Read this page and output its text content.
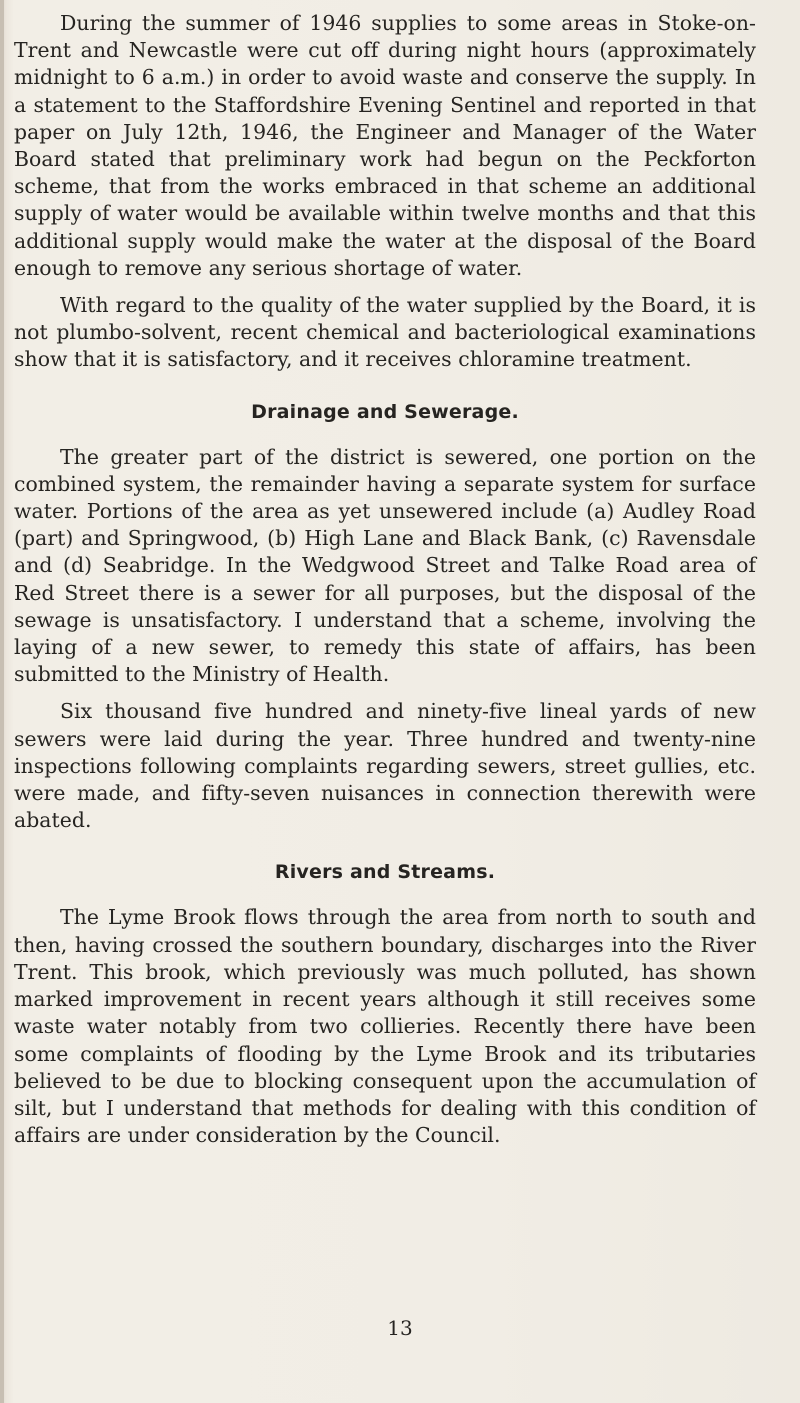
During the summer of 1946 supplies to some areas in Stoke-on-Trent and Newcastle were cut off during night hours (approximately midnight to 6 a.m.) in order to avoid waste and conserve the supply. In a statement to the Staffordshire Evening Sentinel and reported in that paper on July 12th, 1946, the Engineer and Manager of the Water Board stated that preliminary work had begun on the Peckforton scheme, that from the works embraced in that scheme an additional supply of water would be available within twelve months and that this additional supply would make the water at the disposal of the Board enough to remove any serious shortage of water.

With regard to the quality of the water supplied by the Board, it is not plumbo-solvent, recent chemical and bacteriological examinations show that it is satisfactory, and it receives chloramine treatment.

Drainage and Sewerage.

The greater part of the district is sewered, one portion on the combined system, the remainder having a separate system for surface water. Portions of the area as yet unsewered include (a) Audley Road (part) and Springwood, (b) High Lane and Black Bank, (c) Ravensdale and (d) Seabridge. In the Wedgwood Street and Talke Road area of Red Street there is a sewer for all purposes, but the disposal of the sewage is unsatisfactory. I understand that a scheme, involving the laying of a new sewer, to remedy this state of affairs, has been submitted to the Ministry of Health.

Six thousand five hundred and ninety-five lineal yards of new sewers were laid during the year. Three hundred and twenty-nine inspections following complaints regarding sewers, street gullies, etc. were made, and fifty-seven nuisances in connection therewith were abated.

Rivers and Streams.

The Lyme Brook flows through the area from north to south and then, having crossed the southern boundary, discharges into the River Trent. This brook, which previously was much polluted, has shown marked improvement in recent years although it still receives some waste water notably from two collieries. Recently there have been some complaints of flooding by the Lyme Brook and its tributaries believed to be due to blocking consequent upon the accumulation of silt, but I understand that methods for dealing with this condition of affairs are under consideration by the Council.

13
